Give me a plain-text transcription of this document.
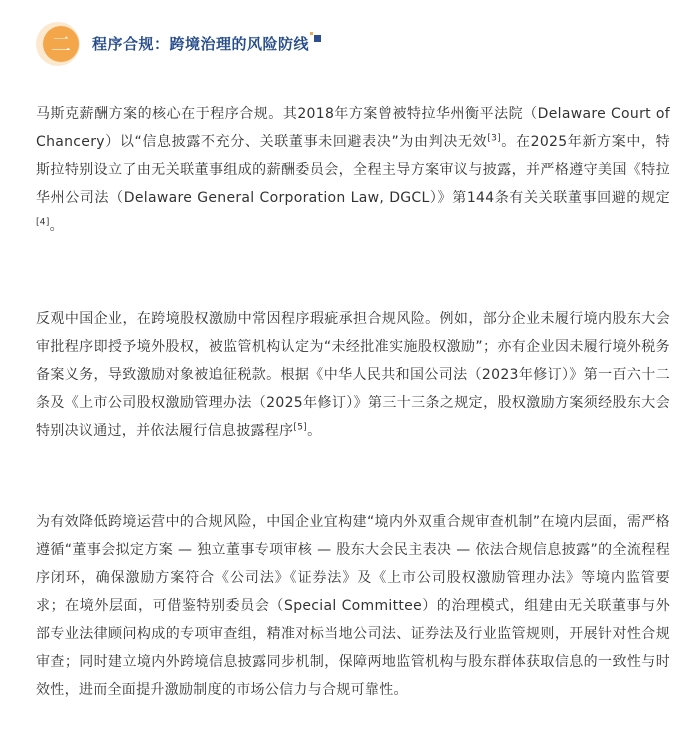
二	程序合规：跨境治理的风险防线

马斯克薪酬方案的核心在于程序合规。其2018年方案曾被特拉华州衡平法院（Delaware Court of Chancery）以“信息披露不充分、关联董事未回避表决”为由判决无效[3]。在2025年新方案中，特斯拉特别设立了由无关联董事组成的薪酬委员会，全程主导方案审议与披露，并严格遵守美国《特拉华州公司法（Delaware General Corporation Law, DGCL）》第144条有关关联董事回避的规定[4]。

反观中国企业，在跨境股权激励中常因程序瑕疵承担合规风险。例如，部分企业未履行境内股东大会审批程序即授予境外股权，被监管机构认定为“未经批准实施股权激励”；亦有企业因未履行境外税务备案义务，导致激励对象被追征税款。根据《中华人民共和国公司法（2023年修订）》第一百六十二条及《上市公司股权激励管理办法（2025年修订）》第三十三条之规定，股权激励方案须经股东大会特别决议通过，并依法履行信息披露程序[5]。

为有效降低跨境运营中的合规风险，中国企业宜构建“境内外双重合规审查机制”在境内层面，需严格遵循“董事会拟定方案 — 独立董事专项审核 — 股东大会民主表决 — 依法合规信息披露”的全流程程序闭环，确保激励方案符合《公司法》《证券法》及《上市公司股权激励管理办法》等境内监管要求；在境外层面，可借鉴特别委员会（Special Committee）的治理模式，组建由无关联董事与外部专业法律顾问构成的专项审查组，精准对标当地公司法、证券法及行业监管规则，开展针对性合规审查；同时建立境内外跨境信息披露同步机制，保障两地监管机构与股东群体获取信息的一致性与时效性，进而全面提升激励制度的市场公信力与合规可靠性。
